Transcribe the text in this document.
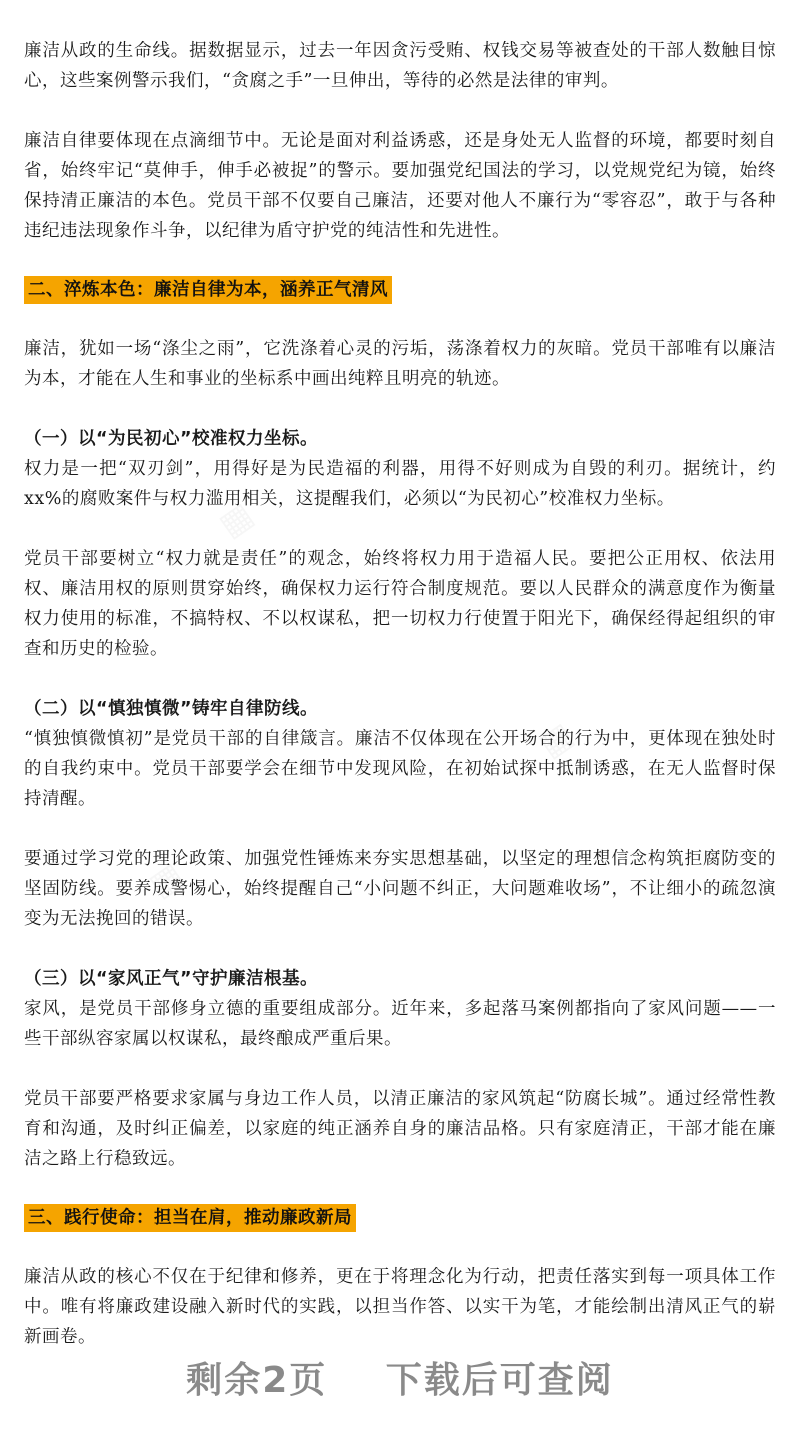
廉洁从政的生命线。据数据显示，过去一年因贪污受贿、权钱交易等被查处的干部人数触目惊心，这些案例警示我们，“贪腐之手”一旦伸出，等待的必然是法律的审判。

廉洁自律要体现在点滴细节中。无论是面对利益诱惑，还是身处无人监督的环境，都要时刻自省，始终牢记“莫伸手，伸手必被捉”的警示。要加强党纪国法的学习，以党规党纪为镜，始终保持清正廉洁的本色。党员干部不仅要自己廉洁，还要对他人不廉行为“零容忍”，敢于与各种违纪违法现象作斗争，以纪律为盾守护党的纯洁性和先进性。

二、淬炼本色：廉洁自律为本，涵养正气清风

廉洁，犹如一场“涤尘之雨”，它洗涤着心灵的污垢，荡涤着权力的灰暗。党员干部唯有以廉洁为本，才能在人生和事业的坐标系中画出纯粹且明亮的轨迹。

（一）以“为民初心”校准权力坐标。

权力是一把“双刃剑”，用得好是为民造福的利器，用得不好则成为自毁的利刃。据统计，约xx%的腐败案件与权力滥用相关，这提醒我们，必须以“为民初心”校准权力坐标。

党员干部要树立“权力就是责任”的观念，始终将权力用于造福人民。要把公正用权、依法用权、廉洁用权的原则贯穿始终，确保权力运行符合制度规范。要以人民群众的满意度作为衡量权力使用的标准，不搞特权、不以权谋私，把一切权力行使置于阳光下，确保经得起组织的审查和历史的检验。

（二）以“慎独慎微”铸牢自律防线。

“慎独慎微慎初”是党员干部的自律箴言。廉洁不仅体现在公开场合的行为中，更体现在独处时的自我约束中。党员干部要学会在细节中发现风险，在初始试探中抵制诱惑，在无人监督时保持清醒。

要通过学习党的理论政策、加强党性锤炼来夯实思想基础，以坚定的理想信念构筑拒腐防变的坚固防线。要养成警惕心，始终提醒自己“小问题不纠正，大问题难收场”，不让细小的疏忽演变为无法挽回的错误。

（三）以“家风正气”守护廉洁根基。

家风，是党员干部修身立德的重要组成部分。近年来，多起落马案例都指向了家风问题——一些干部纵容家属以权谋私，最终酿成严重后果。

党员干部要严格要求家属与身边工作人员，以清正廉洁的家风筑起“防腐长城”。通过经常性教育和沟通，及时纠正偏差，以家庭的纯正涵养自身的廉洁品格。只有家庭清正，干部才能在廉洁之路上行稳致远。

三、践行使命：担当在肩，推动廉政新局

廉洁从政的核心不仅在于纪律和修养，更在于将理念化为行动，把责任落实到每一项具体工作中。唯有将廉政建设融入新时代的实践，以担当作答、以实干为笔，才能绘制出清风正气的崭新画卷。

剩余2页 下载后可查阅
